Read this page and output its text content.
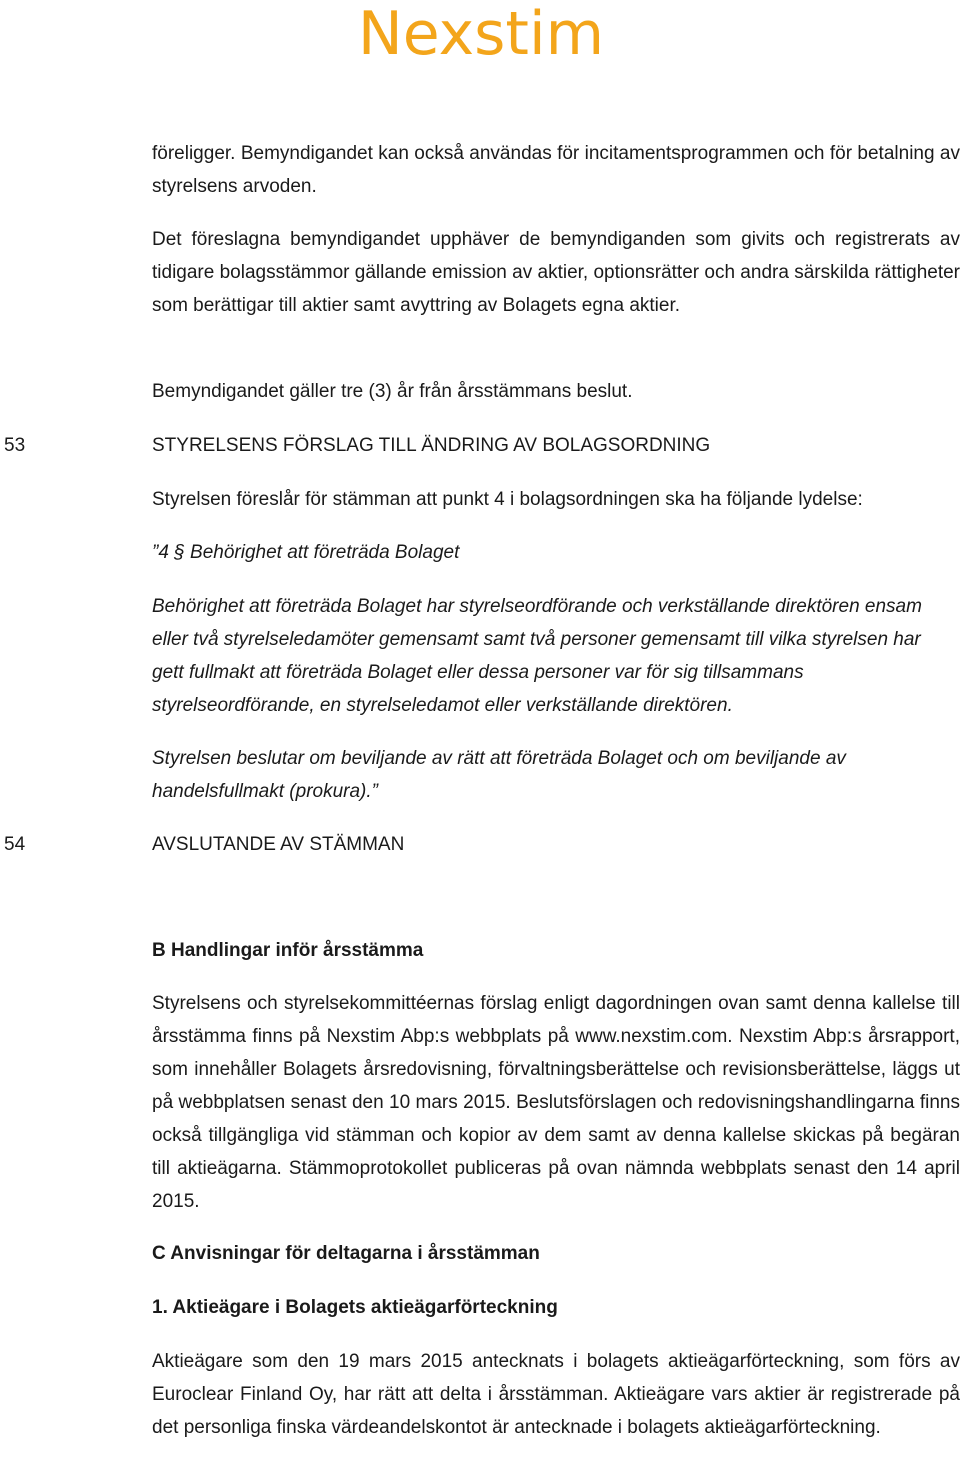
Nexstim

föreligger. Bemyndigandet kan också användas för incitamentsprogrammen och för betalning av styrelsens arvoden.

Det föreslagna bemyndigandet upphäver de bemyndiganden som givits och registrerats av tidigare bolagsstämmor gällande emission av aktier, optionsrätter och andra särskilda rättigheter som berättigar till aktier samt avyttring av Bolagets egna aktier.

Bemyndigandet gäller tre (3) år från årsstämmans beslut.

53	STYRELSENS FÖRSLAG TILL ÄNDRING AV BOLAGSORDNING

Styrelsen föreslår för stämman att punkt 4 i bolagsordningen ska ha följande lydelse:

”4 § Behörighet att företräda Bolaget

Behörighet att företräda Bolaget har styrelseordförande och verkställande direktören ensam eller två styrelseledamöter gemensamt samt två personer gemensamt till vilka styrelsen har gett fullmakt att företräda Bolaget eller dessa personer var för sig tillsammans styrelseordförande, en styrelseledamot eller verkställande direktören.

Styrelsen beslutar om beviljande av rätt att företräda Bolaget och om beviljande av handelsfullmakt (prokura).”

54	AVSLUTANDE AV STÄMMAN

B Handlingar inför årsstämma

Styrelsens och styrelsekommittéernas förslag enligt dagordningen ovan samt denna kallelse till årsstämma finns på Nexstim Abp:s webbplats på www.nexstim.com. Nexstim Abp:s årsrapport, som innehåller Bolagets årsredovisning, förvaltningsberättelse och revisionsberättelse, läggs ut på webbplatsen senast den 10 mars 2015. Beslutsförslagen och redovisningshandlingarna finns också tillgängliga vid stämman och kopior av dem samt av denna kallelse skickas på begäran till aktieägarna. Stämmoprotokollet publiceras på ovan nämnda webbplats senast den 14 april 2015.

C Anvisningar för deltagarna i årsstämman

1. Aktieägare i Bolagets aktieägarförteckning

Aktieägare som den 19 mars 2015 antecknats i bolagets aktieägarförteckning, som förs av Euroclear Finland Oy, har rätt att delta i årsstämman. Aktieägare vars aktier är registrerade på det personliga finska värdeandelskontot är antecknade i bolagets aktieägarförteckning.
